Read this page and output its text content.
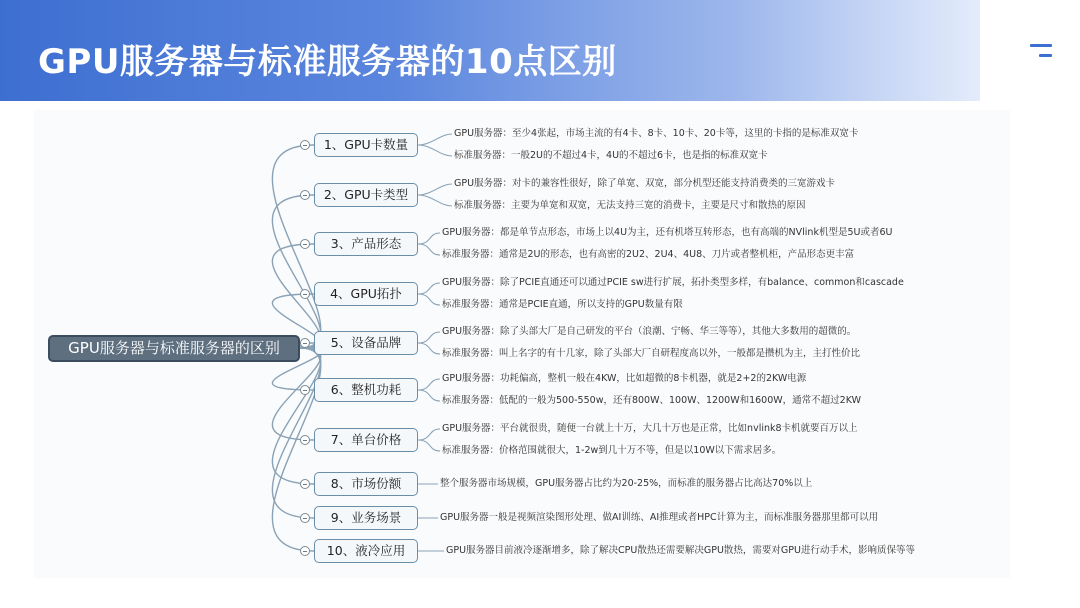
GPU服务器与标准服务器的10点区别
GPU服务器与标准服务器的区别
1、GPU卡数量
GPU服务器：至少4张起，市场主流的有4卡、8卡、10卡、20卡等，这里的卡指的是标准双宽卡
标准服务器：一般2U的不超过4卡，4U的不超过6卡，也是指的标准双宽卡
2、GPU卡类型
GPU服务器：对卡的兼容性很好，除了单宽、双宽，部分机型还能支持消费类的三宽游戏卡
标准服务器：主要为单宽和双宽，无法支持三宽的消费卡，主要是尺寸和散热的原因
3、产品形态
GPU服务器：都是单节点形态，市场上以4U为主，还有机塔互转形态，也有高端的NVlink机型是5U或者6U
标准服务器：通常是2U的形态，也有高密的2U2、2U4、4U8、刀片或者整机柜，产品形态更丰富
4、GPU拓扑
GPU服务器：除了PCIE直通还可以通过PCIE sw进行扩展，拓扑类型多样，有balance、common和cascade
标准服务器：通常是PCIE直通，所以支持的GPU数量有限
5、设备品牌
GPU服务器：除了头部大厂是自己研发的平台（浪潮、宁畅、华三等等），其他大多数用的超微的。
标准服务器：叫上名字的有十几家，除了头部大厂自研程度高以外，一般都是攒机为主，主打性价比
6、整机功耗
GPU服务器：功耗偏高，整机一般在4KW，比如超微的8卡机器，就是2+2的2KW电源
标准服务器：低配的一般为500-550w，还有800W、100W、1200W和1600W，通常不超过2KW
7、单台价格
GPU服务器：平台就很贵，随便一台就上十万，大几十万也是正常，比如nvlink8卡机就要百万以上
标准服务器：价格范围就很大，1-2w到几十万不等，但是以10W以下需求居多。
8、市场份额	整个服务器市场规模，GPU服务器占比约为20-25%，而标准的服务器占比高达70%以上
9、业务场景	GPU服务器一般是视频渲染图形处理、做AI训练、AI推理或者HPC计算为主，而标准服务器那里都可以用
10、液冷应用	GPU服务器目前液冷逐渐增多，除了解决CPU散热还需要解决GPU散热，需要对GPU进行动手术，影响质保等等
